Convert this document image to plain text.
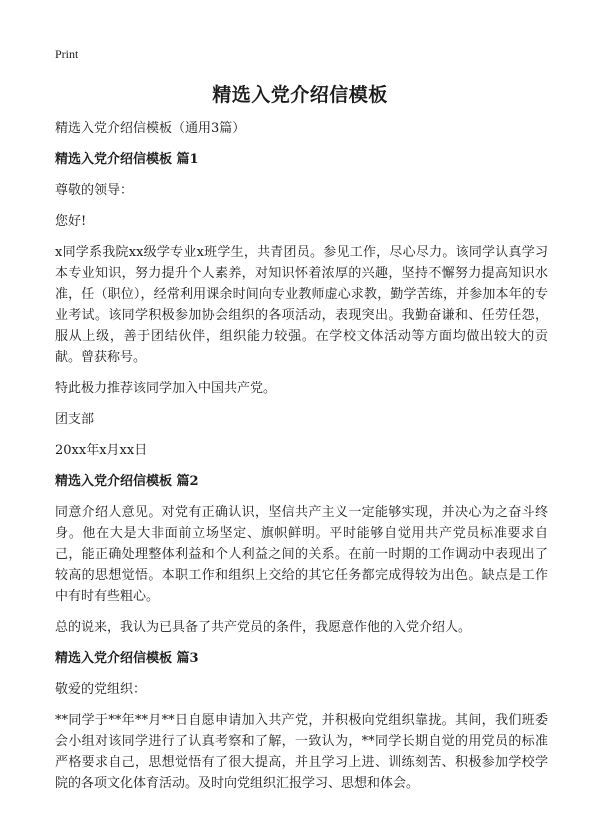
Print
精选入党介绍信模板

精选入党介绍信模板（通用3篇）

精选入党介绍信模板 篇1

尊敬的领导：

您好!

x同学系我院xx级学专业x班学生，共青团员。参见工作，尽心尽力。该同学认真学习本专业知识，努力提升个人素养，对知识怀着浓厚的兴趣，坚持不懈努力提高知识水准，任（职位），经常利用课余时间向专业教师虚心求教，勤学苦练，并参加本年的专业考试。该同学积极参加协会组织的各项活动，表现突出。我勤奋谦和、任劳任怨，服从上级，善于团结伙伴，组织能力较强。在学校文体活动等方面均做出较大的贡献。曾获称号。

特此极力推荐该同学加入中国共产党。

团支部

20xx年x月xx日

精选入党介绍信模板 篇2

同意介绍人意见。对党有正确认识，坚信共产主义一定能够实现，并决心为之奋斗终身。他在大是大非面前立场坚定、旗帜鲜明。平时能够自觉用共产党员标准要求自己，能正确处理整体利益和个人利益之间的关系。在前一时期的工作调动中表现出了较高的思想觉悟。本职工作和组织上交给的其它任务都完成得较为出色。缺点是工作中有时有些粗心。

总的说来，我认为已具备了共产党员的条件，我愿意作他的入党介绍人。

精选入党介绍信模板 篇3

敬爱的党组织：

**同学于**年**月**日自愿申请加入共产党，并积极向党组织靠拢。其间，我们班委会小组对该同学进行了认真考察和了解，一致认为，**同学长期自觉的用党员的标准严格要求自己，思想觉悟有了很大提高，并且学习上进、训练刻苦、积极参加学校学院的各项文化体育活动。及时向党组织汇报学习、思想和体会。
